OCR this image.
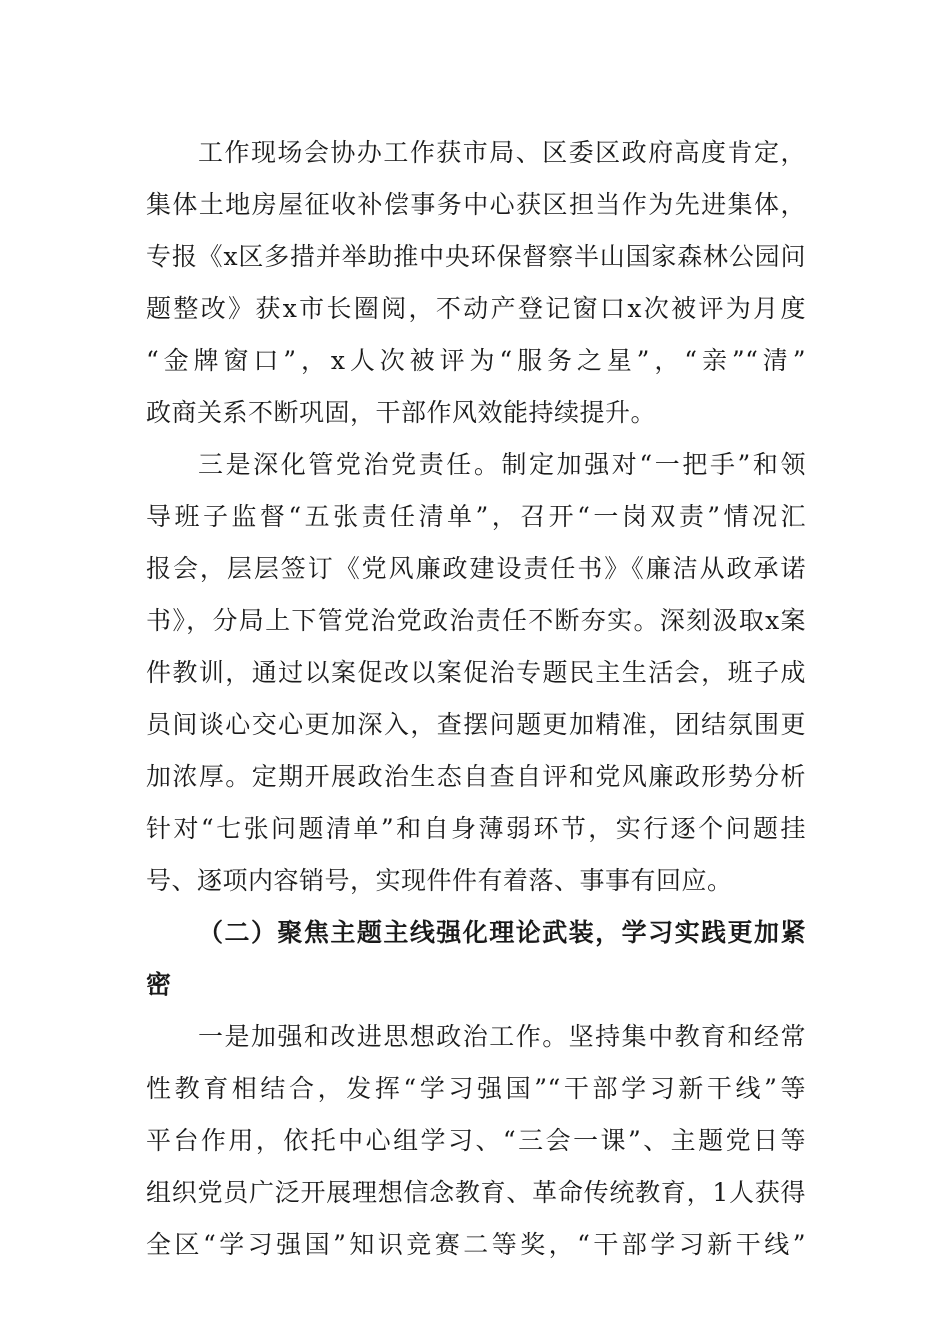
工作现场会协办工作获市局、区委区政府高度肯定，
集体土地房屋征收补偿事务中心获区担当作为先进集体，
专报《x区多措并举助推中央环保督察半山国家森林公园问
题整改》获x市长圈阅，不动产登记窗口x次被评为月度
“金牌窗口”，x人次被评为“服务之星”，“亲”“清”
政商关系不断巩固，干部作风效能持续提升。
三是深化管党治党责任。制定加强对“一把手”和领
导班子监督“五张责任清单”，召开“一岗双责”情况汇
报会，层层签订《党风廉政建设责任书》《廉洁从政承诺
书》，分局上下管党治党政治责任不断夯实。深刻汲取x案
件教训，通过以案促改以案促治专题民主生活会，班子成
员间谈心交心更加深入，查摆问题更加精准，团结氛围更
加浓厚。定期开展政治生态自查自评和党风廉政形势分析
针对“七张问题清单”和自身薄弱环节，实行逐个问题挂
号、逐项内容销号，实现件件有着落、事事有回应。
（二）聚焦主题主线强化理论武装，学习实践更加紧
密
一是加强和改进思想政治工作。坚持集中教育和经常
性教育相结合，发挥“学习强国”“干部学习新干线”等
平台作用，依托中心组学习、“三会一课”、主题党日等
组织党员广泛开展理想信念教育、革命传统教育，1人获得
全区“学习强国”知识竞赛二等奖，“干部学习新干线”
